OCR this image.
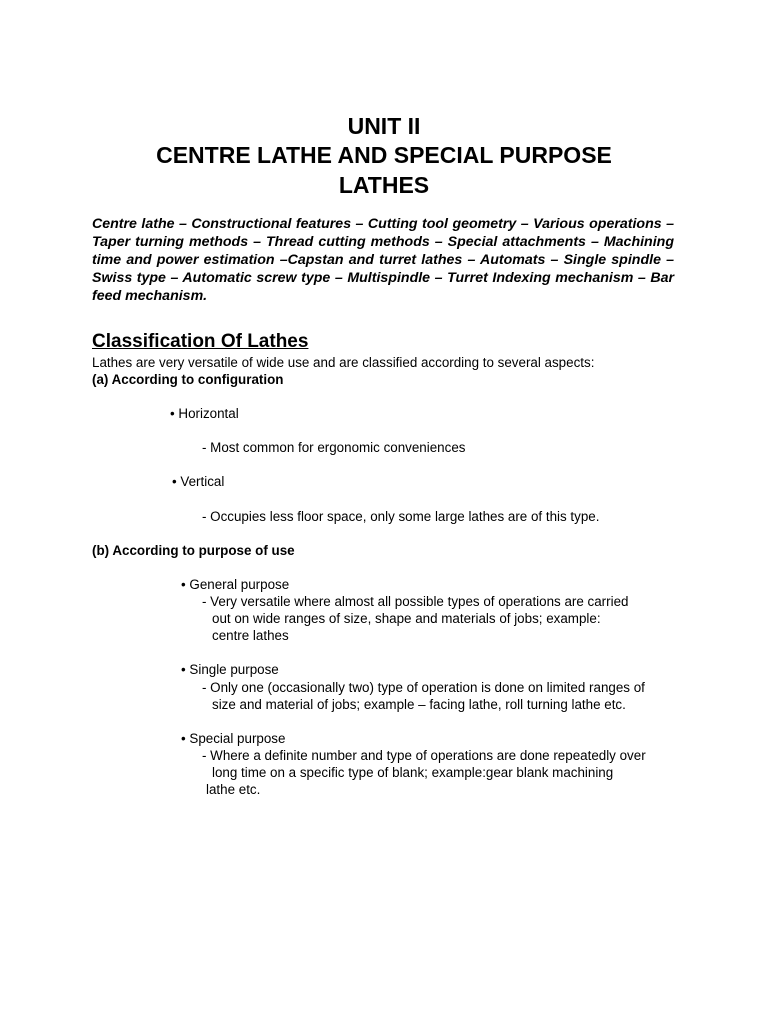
UNIT II
CENTRE LATHE AND SPECIAL PURPOSE
LATHES

Centre lathe – Constructional features – Cutting tool geometry – Various operations – Taper turning methods – Thread cutting methods – Special attachments – Machining time and power estimation –Capstan and turret lathes – Automats – Single spindle – Swiss type – Automatic screw type – Multispindle – Turret Indexing mechanism – Bar feed mechanism.

Classification Of Lathes

Lathes are very versatile of wide use and are classified according to several aspects:

(a) According to configuration

• Horizontal

- Most common for ergonomic conveniences

• Vertical

- Occupies less floor space, only some large lathes are of this type.

(b) According to purpose of use

• General purpose

- Very versatile where almost all possible types of operations are carried

out on wide ranges of size, shape and materials of jobs; example:

centre lathes

• Single purpose

- Only one (occasionally two) type of operation is done on limited ranges of

size and material of jobs; example – facing lathe, roll turning lathe etc.

• Special purpose

- Where a definite number and type of operations are done repeatedly over

long time on a specific type of blank; example:gear blank machining

lathe etc.
